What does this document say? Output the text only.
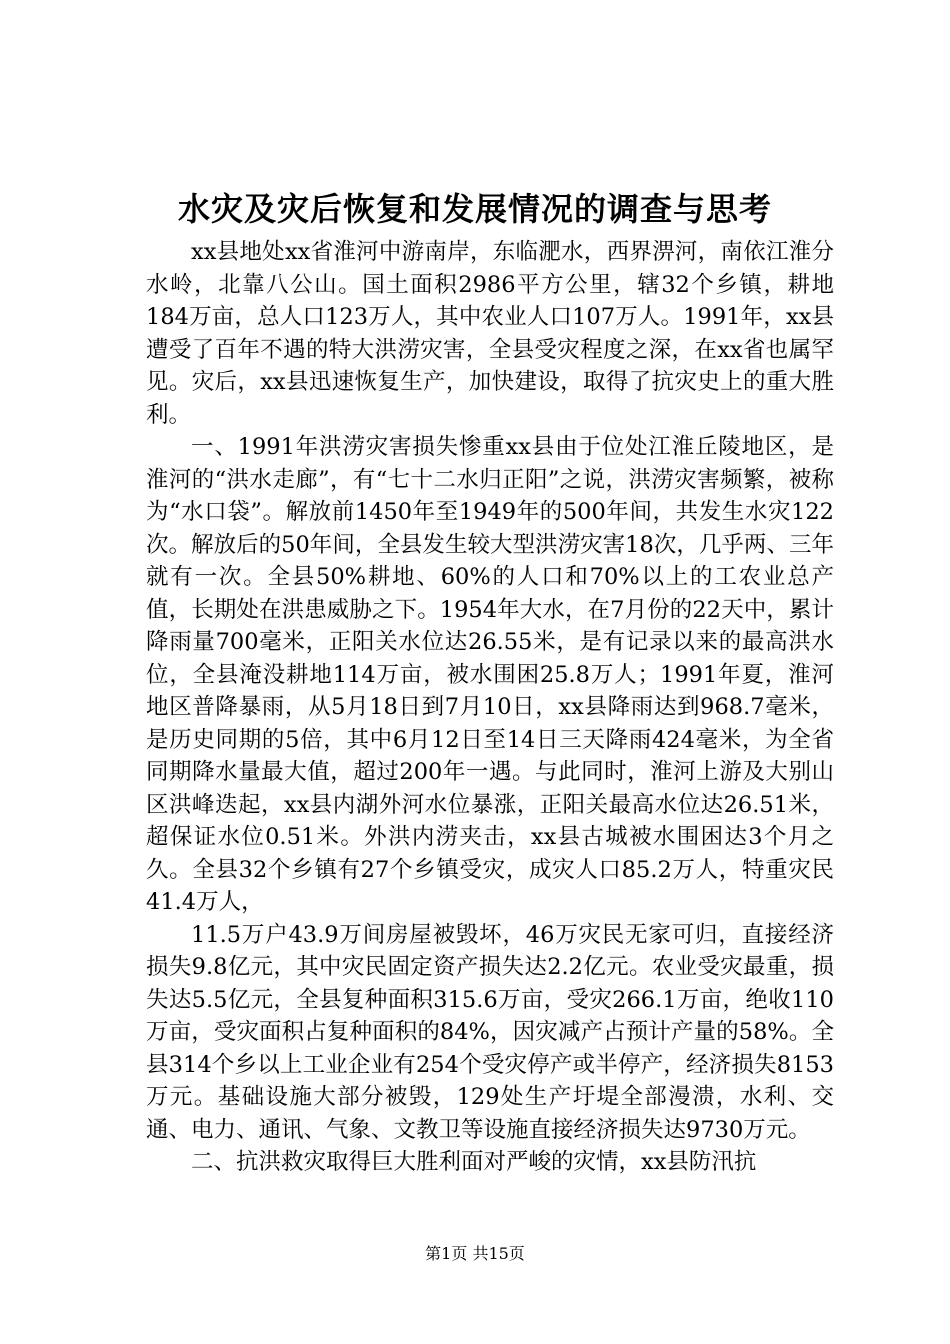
水灾及灾后恢复和发展情况的调查与思考

xx县地处xx省淮河中游南岸，东临淝水，西界淠河，南依江淮分水岭，北靠八公山。国土面积2986平方公里，辖32个乡镇，耕地184万亩，总人口123万人，其中农业人口107万人。1991年，xx县遭受了百年不遇的特大洪涝灾害，全县受灾程度之深，在xx省也属罕见。灾后，xx县迅速恢复生产，加快建设，取得了抗灾史上的重大胜利。

一、1991年洪涝灾害损失惨重xx县由于位处江淮丘陵地区，是淮河的“洪水走廊”，有“七十二水归正阳”之说，洪涝灾害频繁，被称为“水口袋”。解放前1450年至1949年的500年间，共发生水灾122次。解放后的50年间，全县发生较大型洪涝灾害18次，几乎两、三年就有一次。全县50%耕地、60%的人口和70%以上的工农业总产值，长期处在洪患威胁之下。1954年大水，在7月份的22天中，累计降雨量700毫米，正阳关水位达26.55米，是有记录以来的最高洪水位，全县淹没耕地114万亩，被水围困25.8万人；1991年夏，淮河地区普降暴雨，从5月18日到7月10日，xx县降雨达到968.7毫米，是历史同期的5倍，其中6月12日至14日三天降雨424毫米，为全省同期降水量最大值，超过200年一遇。与此同时，淮河上游及大别山区洪峰迭起，xx县内湖外河水位暴涨，正阳关最高水位达26.51米，超保证水位0.51米。外洪内涝夹击，xx县古城被水围困达3个月之久。全县32个乡镇有27个乡镇受灾，成灾人口85.2万人，特重灾民41.4万人，

11.5万户43.9万间房屋被毁坏，46万灾民无家可归，直接经济损失9.8亿元，其中灾民固定资产损失达2.2亿元。农业受灾最重，损失达5.5亿元，全县复种面积315.6万亩，受灾266.1万亩，绝收110万亩，受灾面积占复种面积的84%，因灾减产占预计产量的58%。全县314个乡以上工业企业有254个受灾停产或半停产，经济损失8153万元。基础设施大部分被毁，129处生产圩堤全部漫溃，水利、交通、电力、通讯、气象、文教卫等设施直接经济损失达9730万元。

二、抗洪救灾取得巨大胜利面对严峻的灾情，xx县防汛抗

第1页 共15页
